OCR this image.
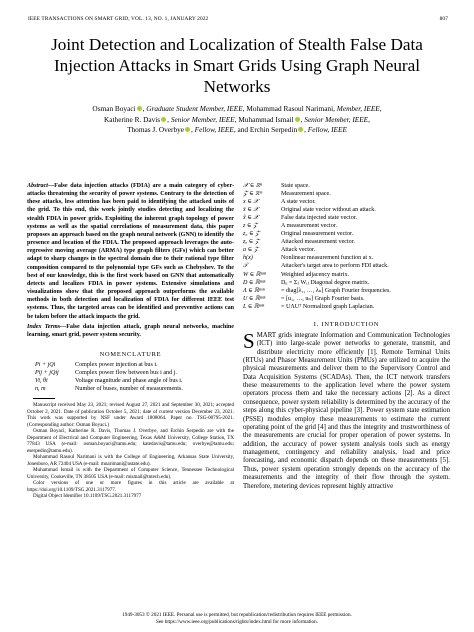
IEEE TRANSACTIONS ON SMART GRID, VOL. 13, NO. 1, JANUARY 2022	807
Joint Detection and Localization of Stealth False Data Injection Attacks in Smart Grids Using Graph Neural Networks
Osman Boyaci , Graduate Student Member, IEEE, Mohammad Rasoul Narimani, Member, IEEE,
Katherine R. Davis , Senior Member, IEEE, Muhammad Ismail , Senior Member, IEEE,
Thomas J. Overbye , Fellow, IEEE, and Erchin Serpedin , Fellow, IEEE

Abstract—False data injection attacks (FDIA) are a main category of cyber-attacks threatening the security of power systems. Contrary to the detection of these attacks, less attention has been paid to identifying the attacked units of the grid. To this end, this work jointly studies detecting and localizing the stealth FDIA in power grids. Exploiting the inherent graph topology of power systems as well as the spatial correlations of measurement data, this paper proposes an approach based on the graph neural network (GNN) to identify the presence and location of the FDIA. The proposed approach leverages the auto-regressive moving average (ARMA) type graph filters (GFs) which can better adapt to sharp changes in the spectral domain due to their rational type filter composition compared to the polynomial type GFs such as Chebyshev. To the best of our knowledge, this is the first work based on GNN that automatically detects and localizes FDIA in power systems. Extensive simulations and visualizations show that the proposed approach outperforms the available methods in both detection and localization of FDIA for different IEEE test systems. Thus, the targeted areas can be identified and preventive actions can be taken before the attack impacts the grid.

Index Terms—False data injection attack, graph neural networks, machine learning, smart grid, power system security.

NOMENCLATURE
Pi + jQi	Complex power injection at bus i.
Pij + jQij	Complex power flow between bus i and j.
Vi, θi	Voltage magnitude and phase angle of bus i.
n, m	Number of buses, number of measurements.

Manuscript received May 23, 2021; revised August 27, 2021 and September 30, 2021; accepted October 2, 2021. Date of publication October 5, 2021; date of current version December 23, 2021. This work was supported by NSF under Award 1808064. Paper no. TSG-00795-2021. (Corresponding author: Osman Boyaci.)

Osman Boyaci, Katherine R. Davis, Thomas J. Overbye, and Erchin Serpedin are with the Department of Electrical and Computer Engineering, Texas A&M University, College Station, TX 77843 USA (e-mail: osman.boyaci@tamu.edu; katedavis@tamu.edu; overbye@tamu.edu; eserpedin@tamu.edu).

Mohammad Rasoul Narimani is with the College of Engineering, Arkansas State University, Jonesboro, AR 72404 USA (e-mail: mnarimani@astate.edu).

Muhammad Ismail is with the Department of Computer Science, Tennessee Technological University, Cookeville, TN 38505 USA (e-mail: mismail@tntech.edu).

Color versions of one or more figures in this article are available at https://doi.org/10.1109/TSG.2021.3117977.

Digital Object Identifier 10.1109/TSG.2021.3117977

𝒳 ∈ ℝⁿ	State space.
𝒵 ∈ ℝᵐ	Measurement space.
x ∈ 𝒳	A state vector.
x̄ ∈ 𝒳	Original state vector without an attack.
x̃ ∈ 𝒳	False data injected state vector.
z ∈ 𝒵	A measurement vector.
z₀ ∈ 𝒵	Original measurement vector.
zₐ ∈ 𝒵	Attacked measurement vector.
a ∈ 𝒵	Attack vector.
h(x)	Nonlinear measurement function at x.
𝒯	Attacker's target area to perform FDI attack.
W ∈ ℝⁿˣⁿ	Weighted adjacency matrix.
D ∈ ℝⁿˣⁿ	Dᵢᵢ = Σⱼ Wᵢⱼ Diagonal degree matrix.
Λ ∈ ℝⁿˣⁿ	= diag[λ₁, …, λₙ] Graph Fourier frequencies.
U ∈ ℝⁿˣⁿ	= [u₁, …, uₙ] Graph Fourier basis.
L ∈ ℝⁿˣⁿ	= UΛUᵀ Normalized graph Laplacian.
I. INTRODUCTION

SMART grids integrate Information and Communication Technologies (ICT) into large-scale power networks to generate, transmit, and distribute electricity more efficiently [1]. Remote Terminal Units (RTUs) and Phasor Measurement Units (PMUs) are utilized to acquire the physical measurements and deliver them to the Supervisory Control and Data Acquisition Systems (SCADAs). Then, the ICT network transfers these measurements to the application level where the power system operators process them and take the necessary actions [2]. As a direct consequence, power system reliability is determined by the accuracy of the steps along this cyber-physical pipeline [3]. Power system state estimation (PSSE) modules employ these measurements to estimate the current operating point of the grid [4] and thus the integrity and trustworthiness of the measurements are crucial for proper operation of power systems. In addition, the accuracy of power system analysis tools such as energy management, contingency and reliability analysis, load and price forecasting, and economic dispatch depends on these measurements [5]. Thus, power system operation strongly depends on the accuracy of the measurements and the integrity of their flow through the system. Therefore, metering devices represent highly attractive

1949-3053 © 2021 IEEE. Personal use is permitted, but republication/redistribution requires IEEE permission.
See https://www.ieee.org/publications/rights/index.html for more information.
